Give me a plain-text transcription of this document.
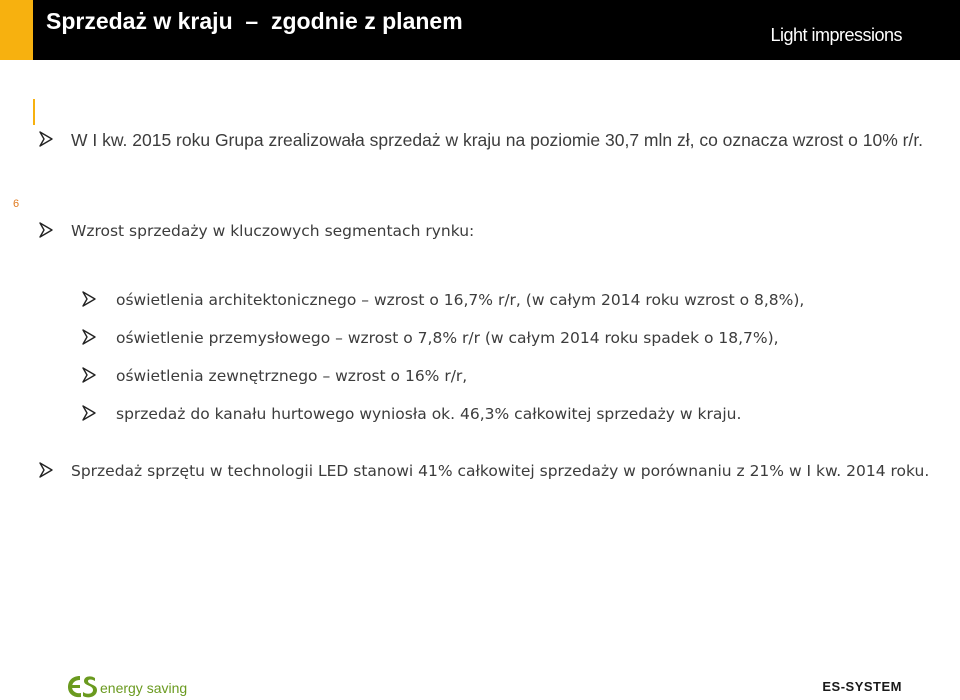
Sprzedaż w kraju  –  zgodnie z planem
Light impressions
6
W I kw. 2015 roku Grupa zrealizowała sprzedaż w kraju na poziomie 30,7 mln zł, co oznacza wzrost o 10% r/r.
Wzrost sprzedaży w kluczowych segmentach rynku:
oświetlenia architektonicznego – wzrost o 16,7% r/r, (w całym 2014 roku wzrost o 8,8%),
oświetlenie przemysłowego – wzrost o 7,8% r/r (w całym 2014 roku spadek o 18,7%),
oświetlenia zewnętrznego – wzrost o 16% r/r,
sprzedaż do kanału hurtowego wyniosła ok. 46,3% całkowitej sprzedaży w kraju.
Sprzedaż sprzętu w technologii LED stanowi 41% całkowitej sprzedaży w porównaniu z 21% w I kw. 2014 roku.
energy saving	ES-SYSTEM
